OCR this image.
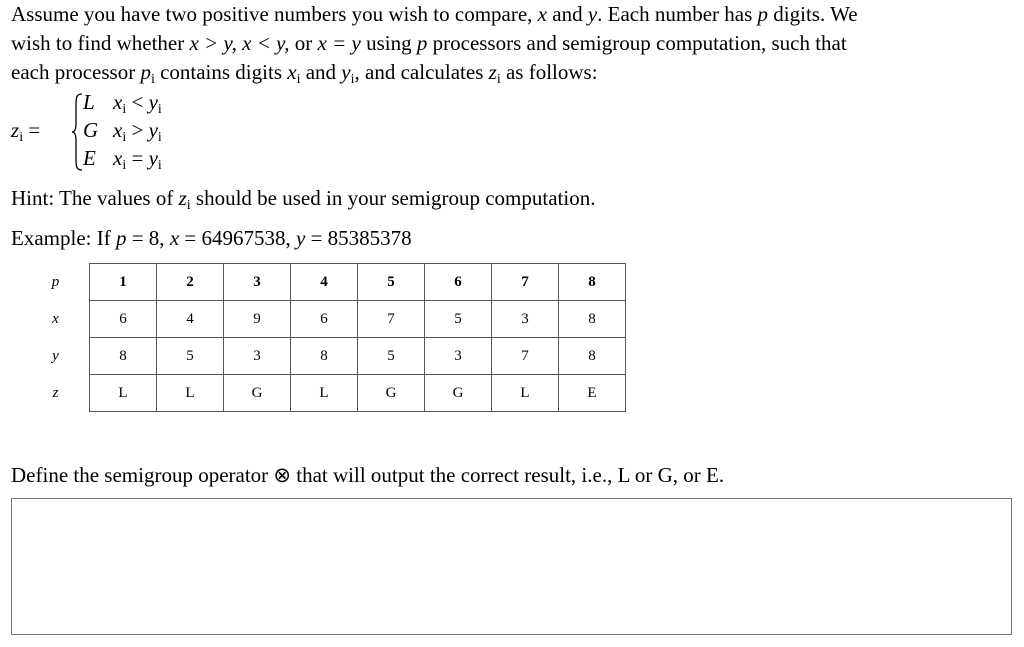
Assume you have two positive numbers you wish to compare, x and y. Each number has p digits. We
wish to find whether x > y, x < y, or x = y using p processors and semigroup computation, such that
each processor $p_i$ contains digits $x_i$ and $y_i$, and calculates $z_i$ as follows:
$z_i$ =
L $x_i < y_i$
G $x_i > y_i$
E $x_i = y_i$
Hint: The values of $z_i$ should be used in your semigroup computation.
Example: If p = 8, x = 64967538, y = 85385378
p	1	2	3	4	5	6	7	8
x	6	4	9	6	7	5	3	8
y	8	5	3	8	5	3	7	8
z	L	L	G	L	G	G	L	E
Define the semigroup operator ⊗ that will output the correct result, i.e., L or G, or E.
